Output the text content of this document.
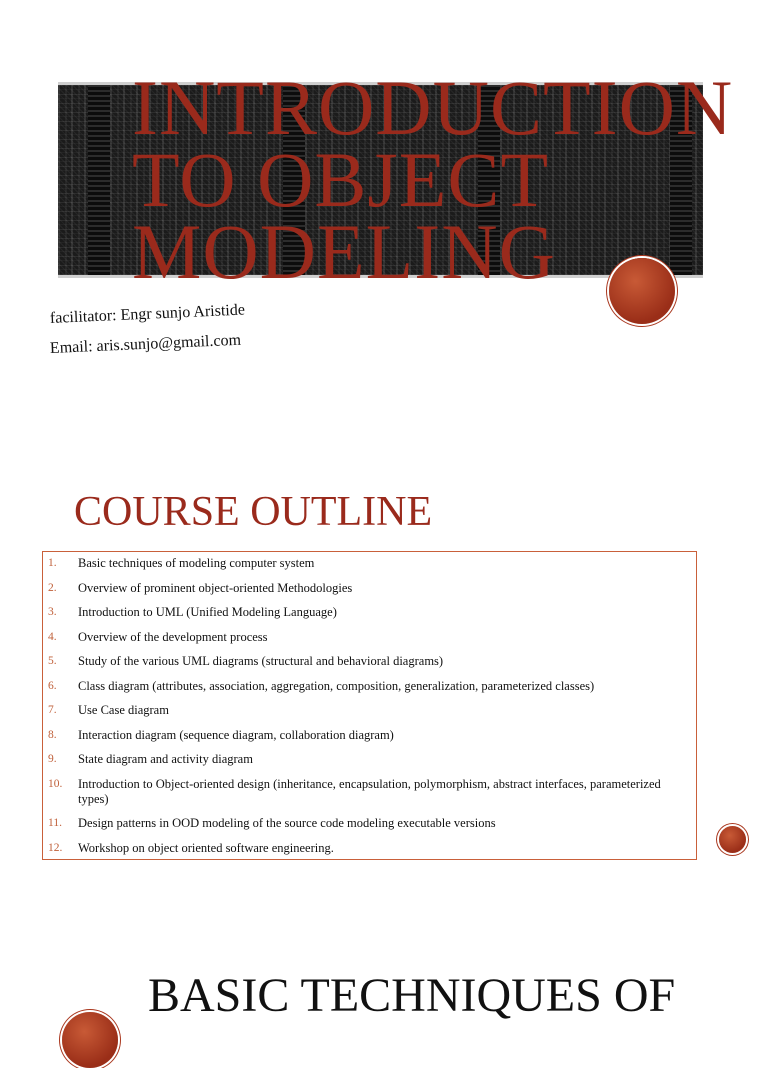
INTRODUCTION
TO OBJECT
MODELING

facilitator: Engr sunjo Aristide

Email: aris.sunjo@gmail.com

COURSE OUTLINE
1. Basic techniques of modeling computer system
2. Overview of prominent object-oriented Methodologies
3. Introduction to UML (Unified Modeling Language)
4. Overview of the development process
5. Study of the various UML diagrams (structural and behavioral diagrams)
6. Class diagram (attributes, association, aggregation, composition, generalization, parameterized classes)
7. Use Case diagram
8. Interaction diagram (sequence diagram, collaboration diagram)
9. State diagram and activity diagram
10. Introduction to Object-oriented design (inheritance, encapsulation, polymorphism, abstract interfaces, parameterized types)
11. Design patterns in OOD modeling of the source code modeling executable versions
12. Workshop on object oriented software engineering.
BASIC TECHNIQUES OF
